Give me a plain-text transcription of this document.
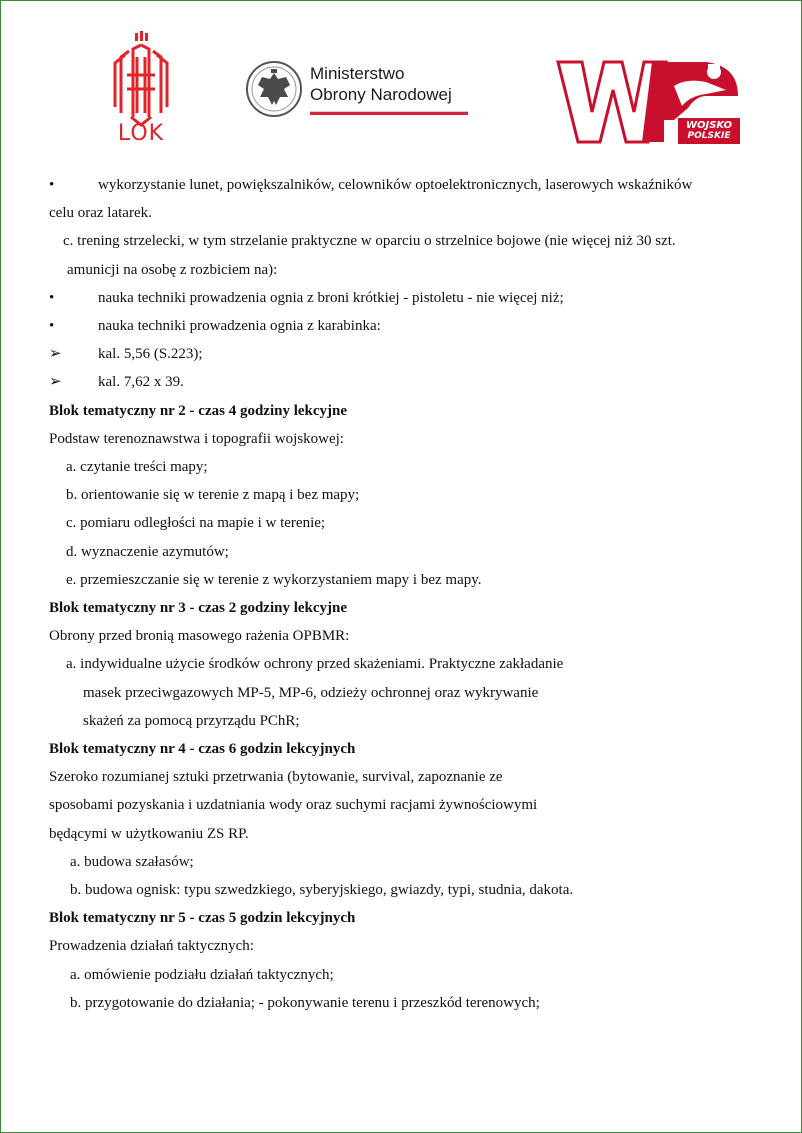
LOK
Ministerstwo
Obrony Narodowej
WOJSKO
POLSKIE
•	wykorzystanie lunet, powiększalników, celowników optoelektronicznych, laserowych wskaźników
celu oraz latarek.
c. trening strzelecki, w tym strzelanie praktyczne w oparciu o strzelnice bojowe (nie więcej niż 30 szt.
amunicji na osobę z rozbiciem na):
•	nauka techniki prowadzenia ognia z broni krótkiej - pistoletu - nie więcej niż;
•	nauka techniki prowadzenia ognia z karabinka:
➢	kal. 5,56 (S.223);
➢	kal. 7,62 x 39.
Blok tematyczny nr 2 - czas 4 godziny lekcyjne
Podstaw terenoznawstwa i topografii wojskowej:
a. czytanie treści mapy;
b. orientowanie się w terenie z mapą i bez mapy;
c. pomiaru odległości na mapie i w terenie;
d. wyznaczenie azymutów;
e. przemieszczanie się w terenie z wykorzystaniem mapy i bez mapy.
Blok tematyczny nr 3 - czas 2 godziny lekcyjne
Obrony przed bronią masowego rażenia OPBMR:
a. indywidualne użycie środków ochrony przed skażeniami. Praktyczne zakładanie
masek przeciwgazowych MP-5, MP-6, odzieży ochronnej oraz wykrywanie
skażeń za pomocą przyrządu PChR;
Blok tematyczny nr 4 - czas 6 godzin lekcyjnych
Szeroko rozumianej sztuki przetrwania (bytowanie, survival, zapoznanie ze
sposobami pozyskania i uzdatniania wody oraz suchymi racjami żywnościowymi
będącymi w użytkowaniu ZS RP.
a. budowa szałasów;
b. budowa ognisk: typu szwedzkiego, syberyjskiego, gwiazdy, typi, studnia, dakota.
Blok tematyczny nr 5 - czas 5 godzin lekcyjnych
Prowadzenia działań taktycznych:
a. omówienie podziału działań taktycznych;
b. przygotowanie do działania; - pokonywanie terenu i przeszkód terenowych;
